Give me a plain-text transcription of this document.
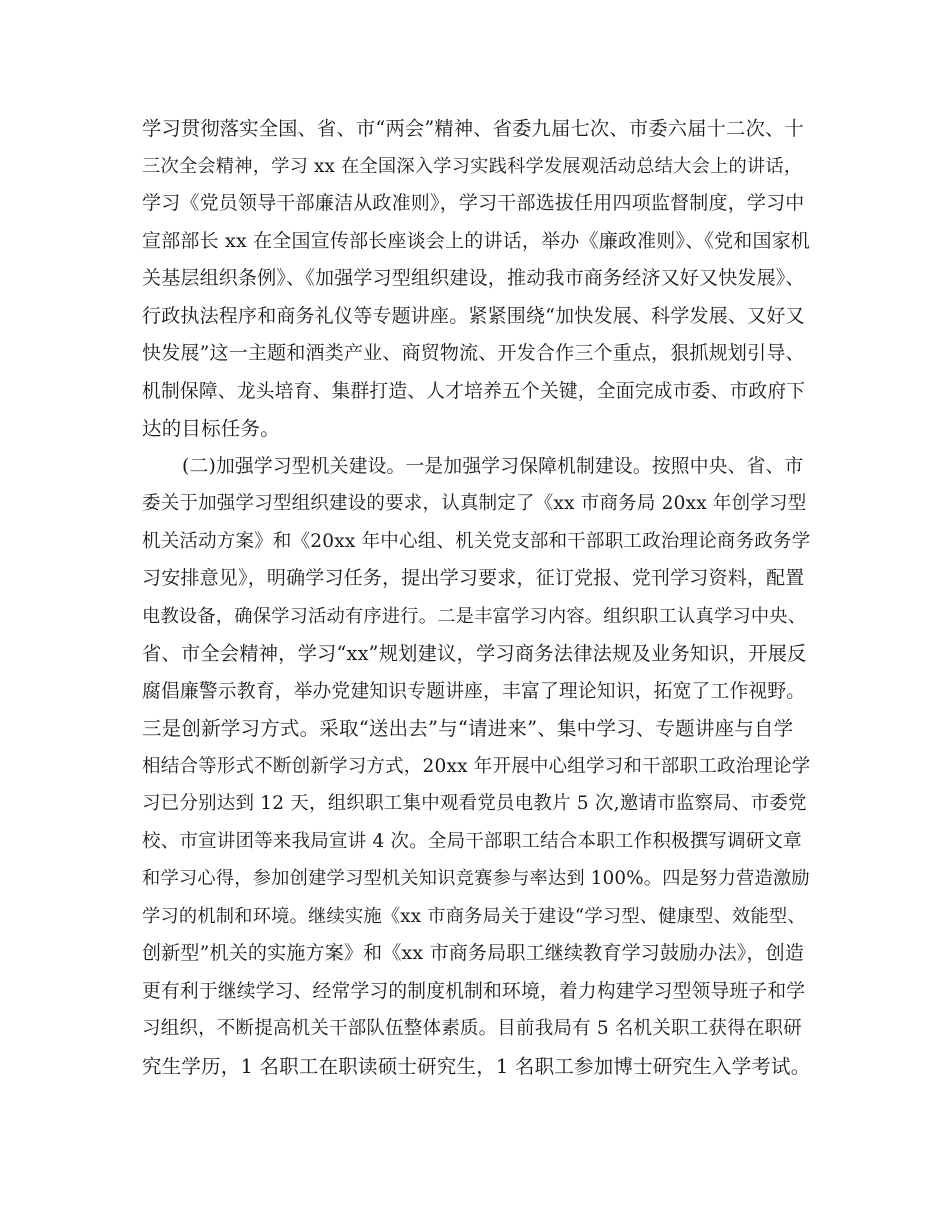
学习贯彻落实全国、省、市“两会”精神、省委九届七次、市委六届十二次、十
三次全会精神，学习 xx 在全国深入学习实践科学发展观活动总结大会上的讲话，
学习《党员领导干部廉洁从政准则》，学习干部选拔任用四项监督制度，学习中
宣部部长 xx 在全国宣传部长座谈会上的讲话，举办《廉政准则》、《党和国家机
关基层组织条例》、《加强学习型组织建设，推动我市商务经济又好又快发展》、
行政执法程序和商务礼仪等专题讲座。紧紧围绕“加快发展、科学发展、又好又
快发展”这一主题和酒类产业、商贸物流、开发合作三个重点，狠抓规划引导、
机制保障、龙头培育、集群打造、人才培养五个关键，全面完成市委、市政府下
达的目标任务。
(二)加强学习型机关建设。一是加强学习保障机制建设。按照中央、省、市
委关于加强学习型组织建设的要求，认真制定了《xx 市商务局 20xx 年创学习型
机关活动方案》和《20xx 年中心组、机关党支部和干部职工政治理论商务政务学
习安排意见》，明确学习任务，提出学习要求，征订党报、党刊学习资料，配置
电教设备，确保学习活动有序进行。二是丰富学习内容。组织职工认真学习中央、
省、市全会精神，学习“xx”规划建议，学习商务法律法规及业务知识，开展反
腐倡廉警示教育，举办党建知识专题讲座，丰富了理论知识，拓宽了工作视野。
三是创新学习方式。采取“送出去”与“请进来”、集中学习、专题讲座与自学
相结合等形式不断创新学习方式，20xx 年开展中心组学习和干部职工政治理论学
习已分别达到 12 天，组织职工集中观看党员电教片 5 次,邀请市监察局、市委党
校、市宣讲团等来我局宣讲 4 次。全局干部职工结合本职工作积极撰写调研文章
和学习心得，参加创建学习型机关知识竞赛参与率达到 100%。四是努力营造激励
学习的机制和环境。继续实施《xx 市商务局关于建设“学习型、健康型、效能型、
创新型”机关的实施方案》和《xx 市商务局职工继续教育学习鼓励办法》，创造
更有利于继续学习、经常学习的制度机制和环境，着力构建学习型领导班子和学
习组织，不断提高机关干部队伍整体素质。目前我局有 5 名机关职工获得在职研
究生学历，1 名职工在职读硕士研究生，1 名职工参加博士研究生入学考试。
